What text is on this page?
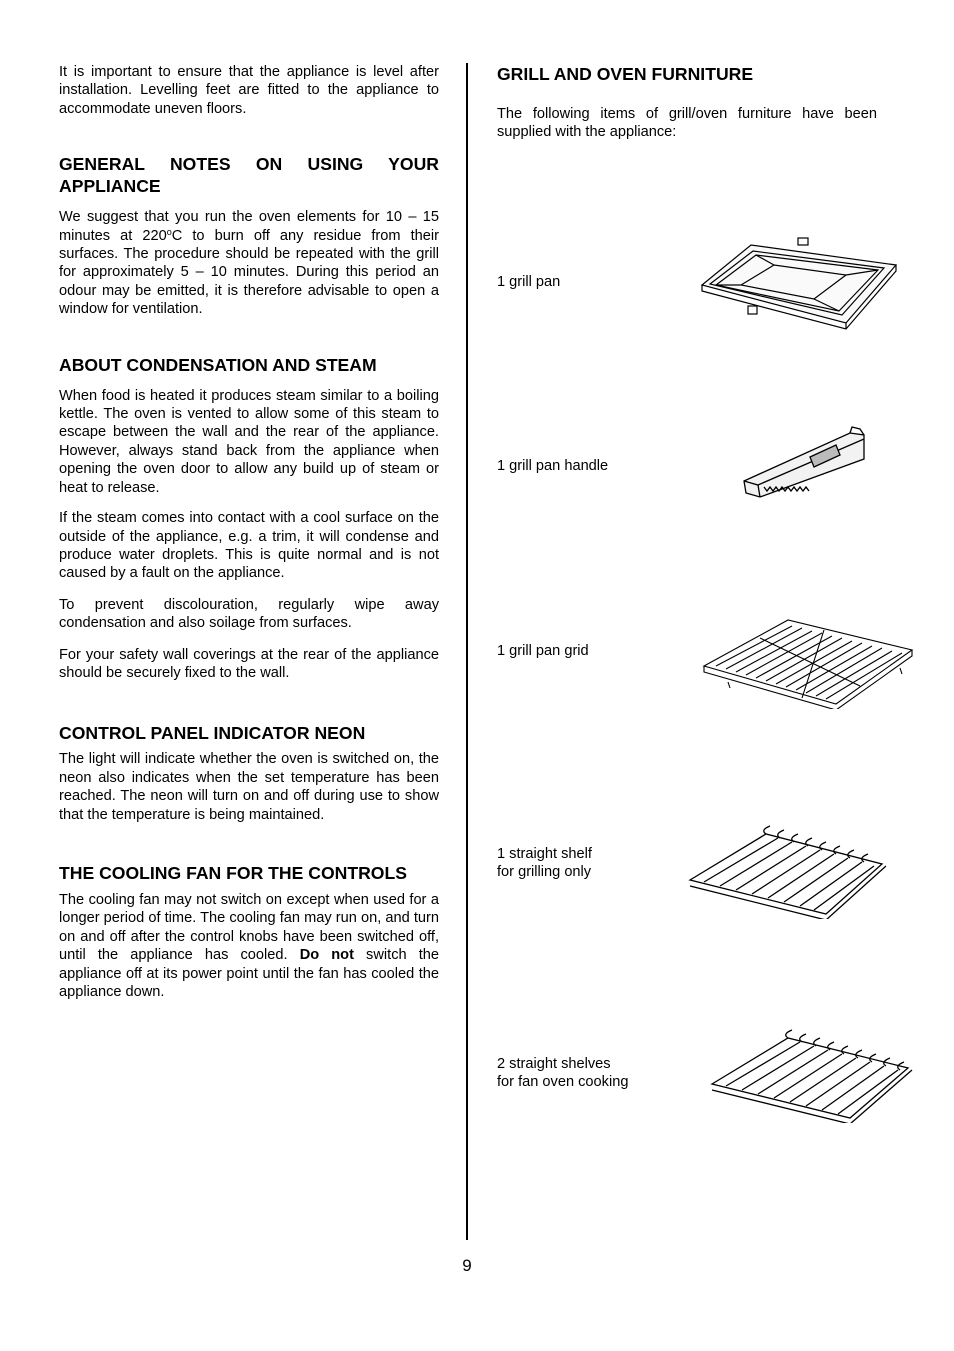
It is important to ensure that the appliance is level after installation. Levelling feet are fitted to the appliance to accommodate uneven floors.

GENERAL NOTES ON USING YOUR APPLIANCE

We suggest that you run the oven elements for 10 – 15 minutes at 220$^o$C to burn off any residue from their surfaces. The procedure should be repeated with the grill for approximately 5 – 10 minutes. During this period an odour may be emitted, it is therefore advisable to open a window for ventilation.

ABOUT CONDENSATION AND STEAM

When food is heated it produces steam similar to a boiling kettle. The oven is vented to allow some of this steam to escape between the wall and the rear of the appliance. However, always stand back from the appliance when opening the oven door to allow any build up of steam or heat to release.

If the steam comes into contact with a cool surface on the outside of the appliance, e.g. a trim, it will condense and produce water droplets. This is quite normal and is not caused by a fault on the appliance.

To prevent discolouration, regularly wipe away condensation and also soilage from surfaces.

For your safety wall coverings at the rear of the appliance should be securely fixed to the wall.

CONTROL PANEL INDICATOR NEON

The light will indicate whether the oven is switched on, the neon also indicates when the set temperature has been reached. The neon will turn on and off during use to show that the temperature is being maintained.

THE COOLING FAN FOR THE CONTROLS

The cooling fan may not switch on except when used for a longer period of time. The cooling fan may run on, and turn on and off after the control knobs have been switched off, until the appliance has cooled. Do not switch the appliance off at its power point until the fan has cooled the appliance down.

GRILL AND OVEN FURNITURE

The following items of grill/oven furniture have been supplied with the appliance:

1 grill pan
1 grill pan handle
1 grill pan grid
1 straight shelf
for grilling only
2 straight shelves
for fan oven cooking
9
